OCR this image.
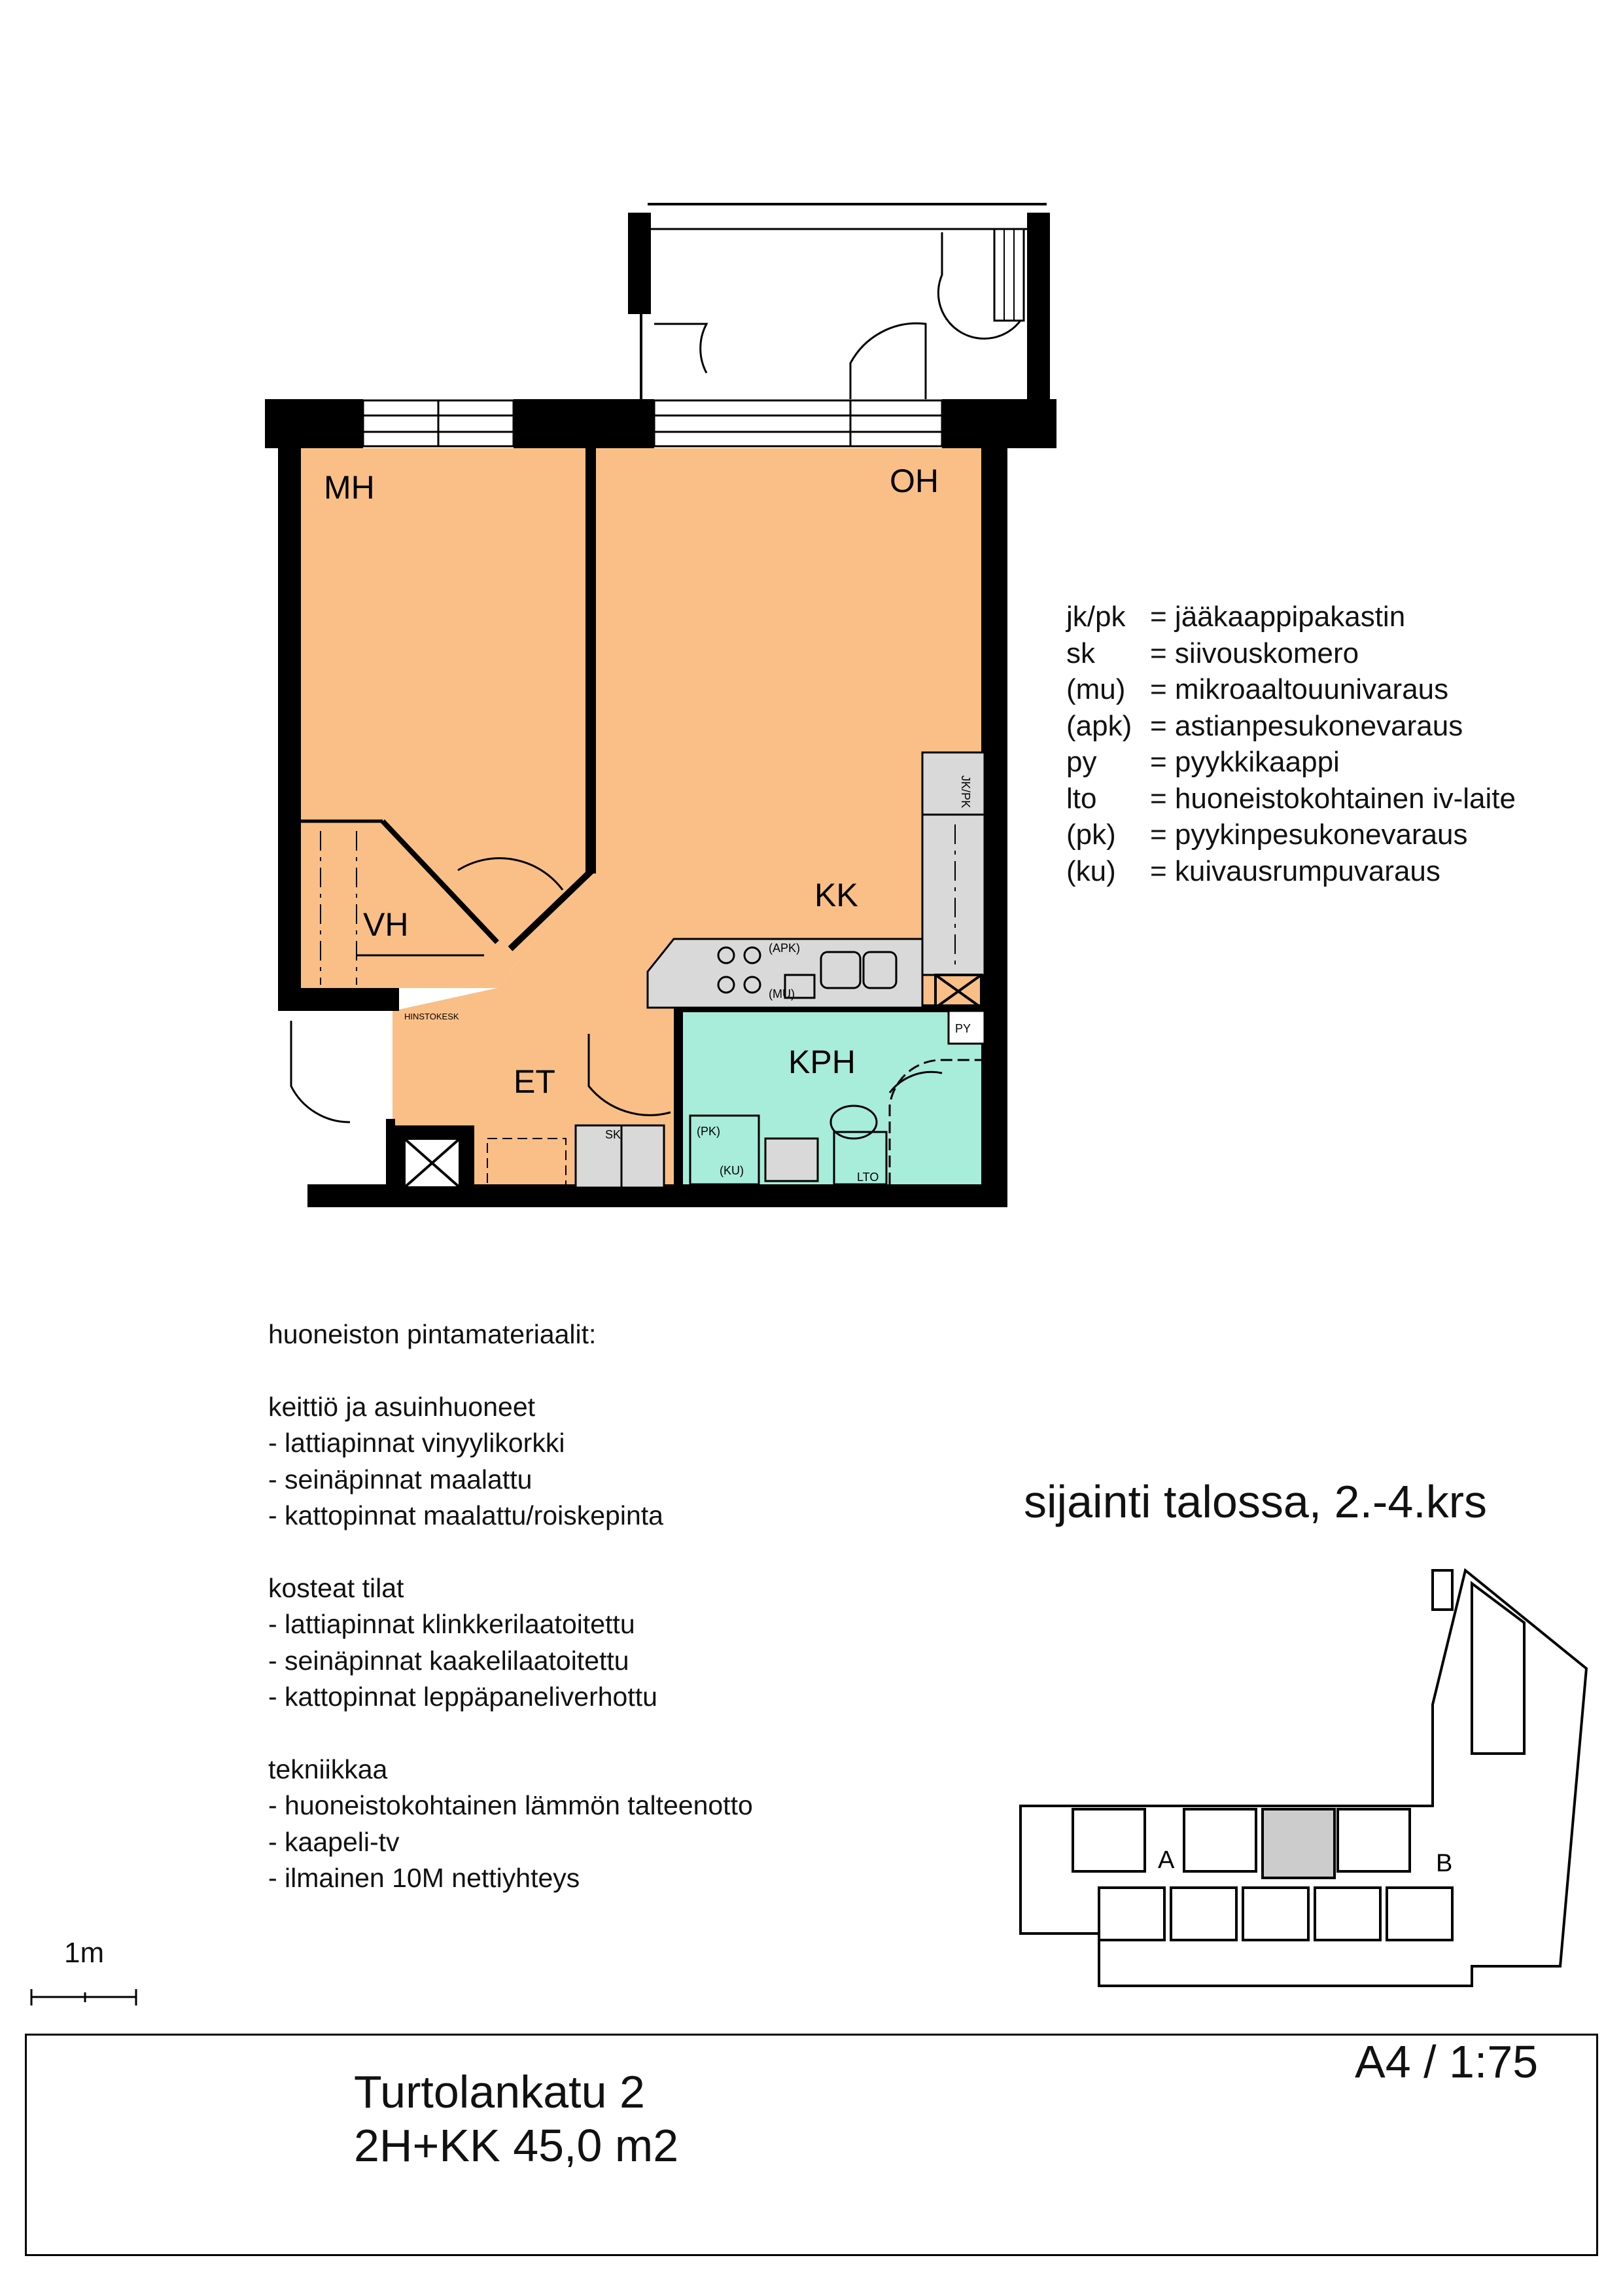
MH	OH
VH
KK
ET
KPH
JK/PK
(APK)
(MU)
PY
SK	(PK)
(KU)	LTO
HINSTOKESK
A	B
jk/pk = jääkaappipakastin
sk	= siivouskomero
(mu) = mikroaaltouunivaraus
(apk) = astianpesukonevaraus
py	= pyykkikaappi
lto	= huoneistokohtainen iv-laite
(pk)	= pyykinpesukonevaraus
(ku)	= kuivausrumpuvaraus

huoneiston pintamateriaalit:

keittiö ja asuinhuoneet

- lattiapinnat vinyylikorkki

- seinäpinnat maalattu

- kattopinnat maalattu/roiskepinta

kosteat tilat

- lattiapinnat klinkkerilaatoitettu

- seinäpinnat kaakelilaatoitettu

- kattopinnat leppäpaneliverhottu

tekniikkaa

- huoneistokohtainen lämmön talteenotto

- kaapeli-tv

- ilmainen 10M nettiyhteys

sijainti talossa, 2.-4.krs
1m
Turtolankatu 2
2H+KK 45,0 m2
A4 / 1:75
